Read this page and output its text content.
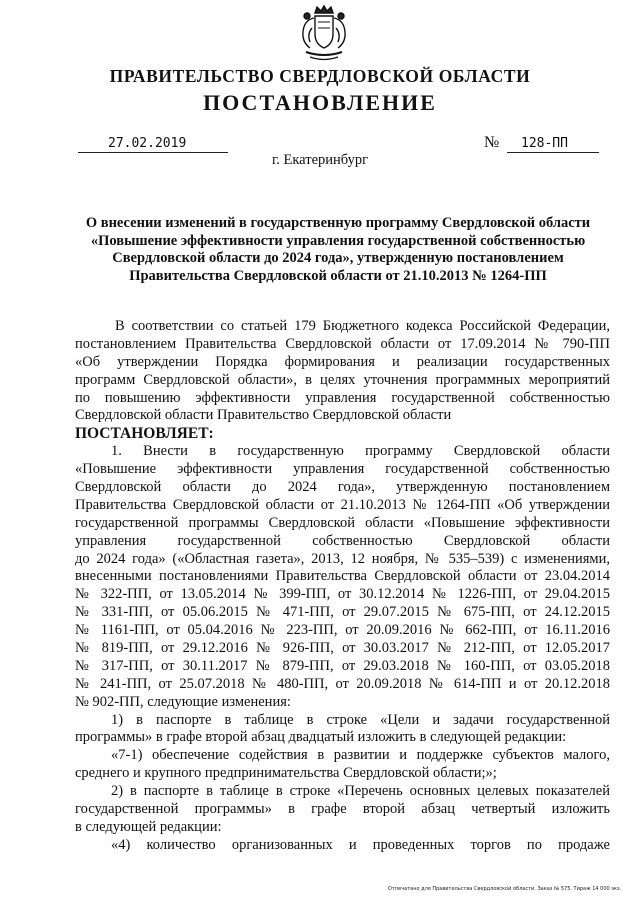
ПРАВИТЕЛЬСТВО СВЕРДЛОВСКОЙ ОБЛАСТИ
ПОСТАНОВЛЕНИЕ
27.02.2019	№	128-ПП
г. Екатеринбург
О внесении изменений в государственную программу Свердловской области
«Повышение эффективности управления государственной собственностью
Свердловской области до 2024 года», утвержденную постановлением
Правительства Свердловской области от 21.10.2013 № 1264-ПП
В соответствии со статьей 179 Бюджетного кодекса Российской Федерации,
постановлением Правительства Свердловской области от 17.09.2014 № 790-ПП
«Об утверждении Порядка формирования и реализации государственных
программ Свердловской области», в целях уточнения программных мероприятий
по повышению эффективности управления государственной собственностью
Свердловской области Правительство Свердловской области
ПОСТАНОВЛЯЕТ:
1. Внести в государственную программу Свердловской области
«Повышение эффективности управления государственной собственностью
Свердловской области до 2024 года», утвержденную постановлением
Правительства Свердловской области от 21.10.2013 № 1264-ПП «Об утверждении
государственной программы Свердловской области «Повышение эффективности
управления государственной собственностью Свердловской области
до 2024 года» («Областная газета», 2013, 12 ноября, № 535–539) с изменениями,
внесенными постановлениями Правительства Свердловской области от 23.04.2014
№ 322-ПП, от 13.05.2014 № 399-ПП, от 30.12.2014 № 1226-ПП, от 29.04.2015
№ 331-ПП, от 05.06.2015 № 471-ПП, от 29.07.2015 № 675-ПП, от 24.12.2015
№ 1161-ПП, от 05.04.2016 № 223-ПП, от 20.09.2016 № 662-ПП, от 16.11.2016
№ 819-ПП, от 29.12.2016 № 926-ПП, от 30.03.2017 № 212-ПП, от 12.05.2017
№ 317-ПП, от 30.11.2017 № 879-ПП, от 29.03.2018 № 160-ПП, от 03.05.2018
№ 241-ПП, от 25.07.2018 № 480-ПП, от 20.09.2018 № 614-ПП и от 20.12.2018
№ 902-ПП, следующие изменения:
1) в паспорте в таблице в строке «Цели и задачи государственной
программы» в графе второй абзац двадцатый изложить в следующей редакции:
«7-1) обеспечение содействия в развитии и поддержке субъектов малого,
среднего и крупного предпринимательства Свердловской области;»;
2) в паспорте в таблице в строке «Перечень основных целевых показателей
государственной программы» в графе второй абзац четвертый изложить
в следующей редакции:
«4) количество организованных и проведенных торгов по продаже
Отпечатано для Правительства Свердловской области. Заказ № 575. Тираж 14 000 экз.
